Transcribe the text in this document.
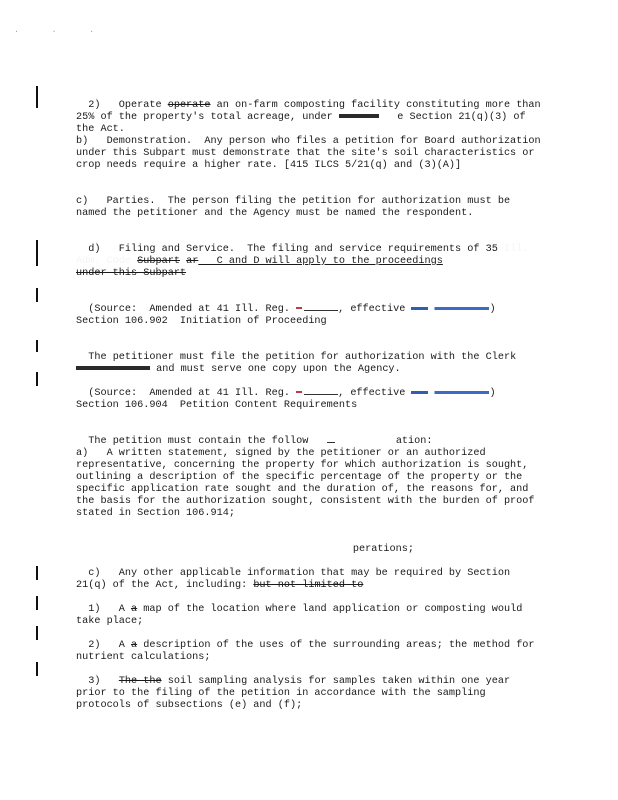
. . .

2)   Operate operate an on-farm composting facility constituting more than 25% of the property's total acreage, under	e Section 21(q)(3) of the Act.

b)   Demonstration.  Any person who files a petition for Board authorization under this Subpart must demonstrate that the site's soil characteristics or crop needs require a higher rate. [415 ILCS 5/21(q) and (3)(A)]
c)   Parties.  The person filing the petition for authorization must be named the petitioner and the Agency must be named the respondent.

d)   Filing and Service.  The filing and service requirements of 35 Ill. Adm. Code Subpart ar   C and D will apply to the proceedings
under this Subpart

(Source:  Amended at 41 Ill. Reg.	, effective	)

Section 106.902  Initiation of Proceeding

The petitioner must file the petition for authorization with the Clerk
and must serve one copy upon the Agency.

(Source:  Amended at 41 Ill. Reg.	, effective	)

Section 106.904  Petition Content Requirements

The petition must contain the follow	ation:

a)   A written statement, signed by the petitioner or an authorized representative, concerning the property for which authorization is sought, outlining a description of the specific percentage of the property or the specific application rate sought and the duration of, the reasons for, and the basis for the authorization sought, consistent with the burden of proof stated in Section 106.914;

perations;

c)   Any other applicable information that may be required by Section 21(q) of the Act, including: but not limited to

1)   A a map of the location where land application or composting would take place;

2)   A a description of the uses of the surrounding areas; the method for nutrient calculations;

3)   The the soil sampling analysis for samples taken within one year prior to the filing of the petition in accordance with the sampling protocols of subsections (e) and (f);
